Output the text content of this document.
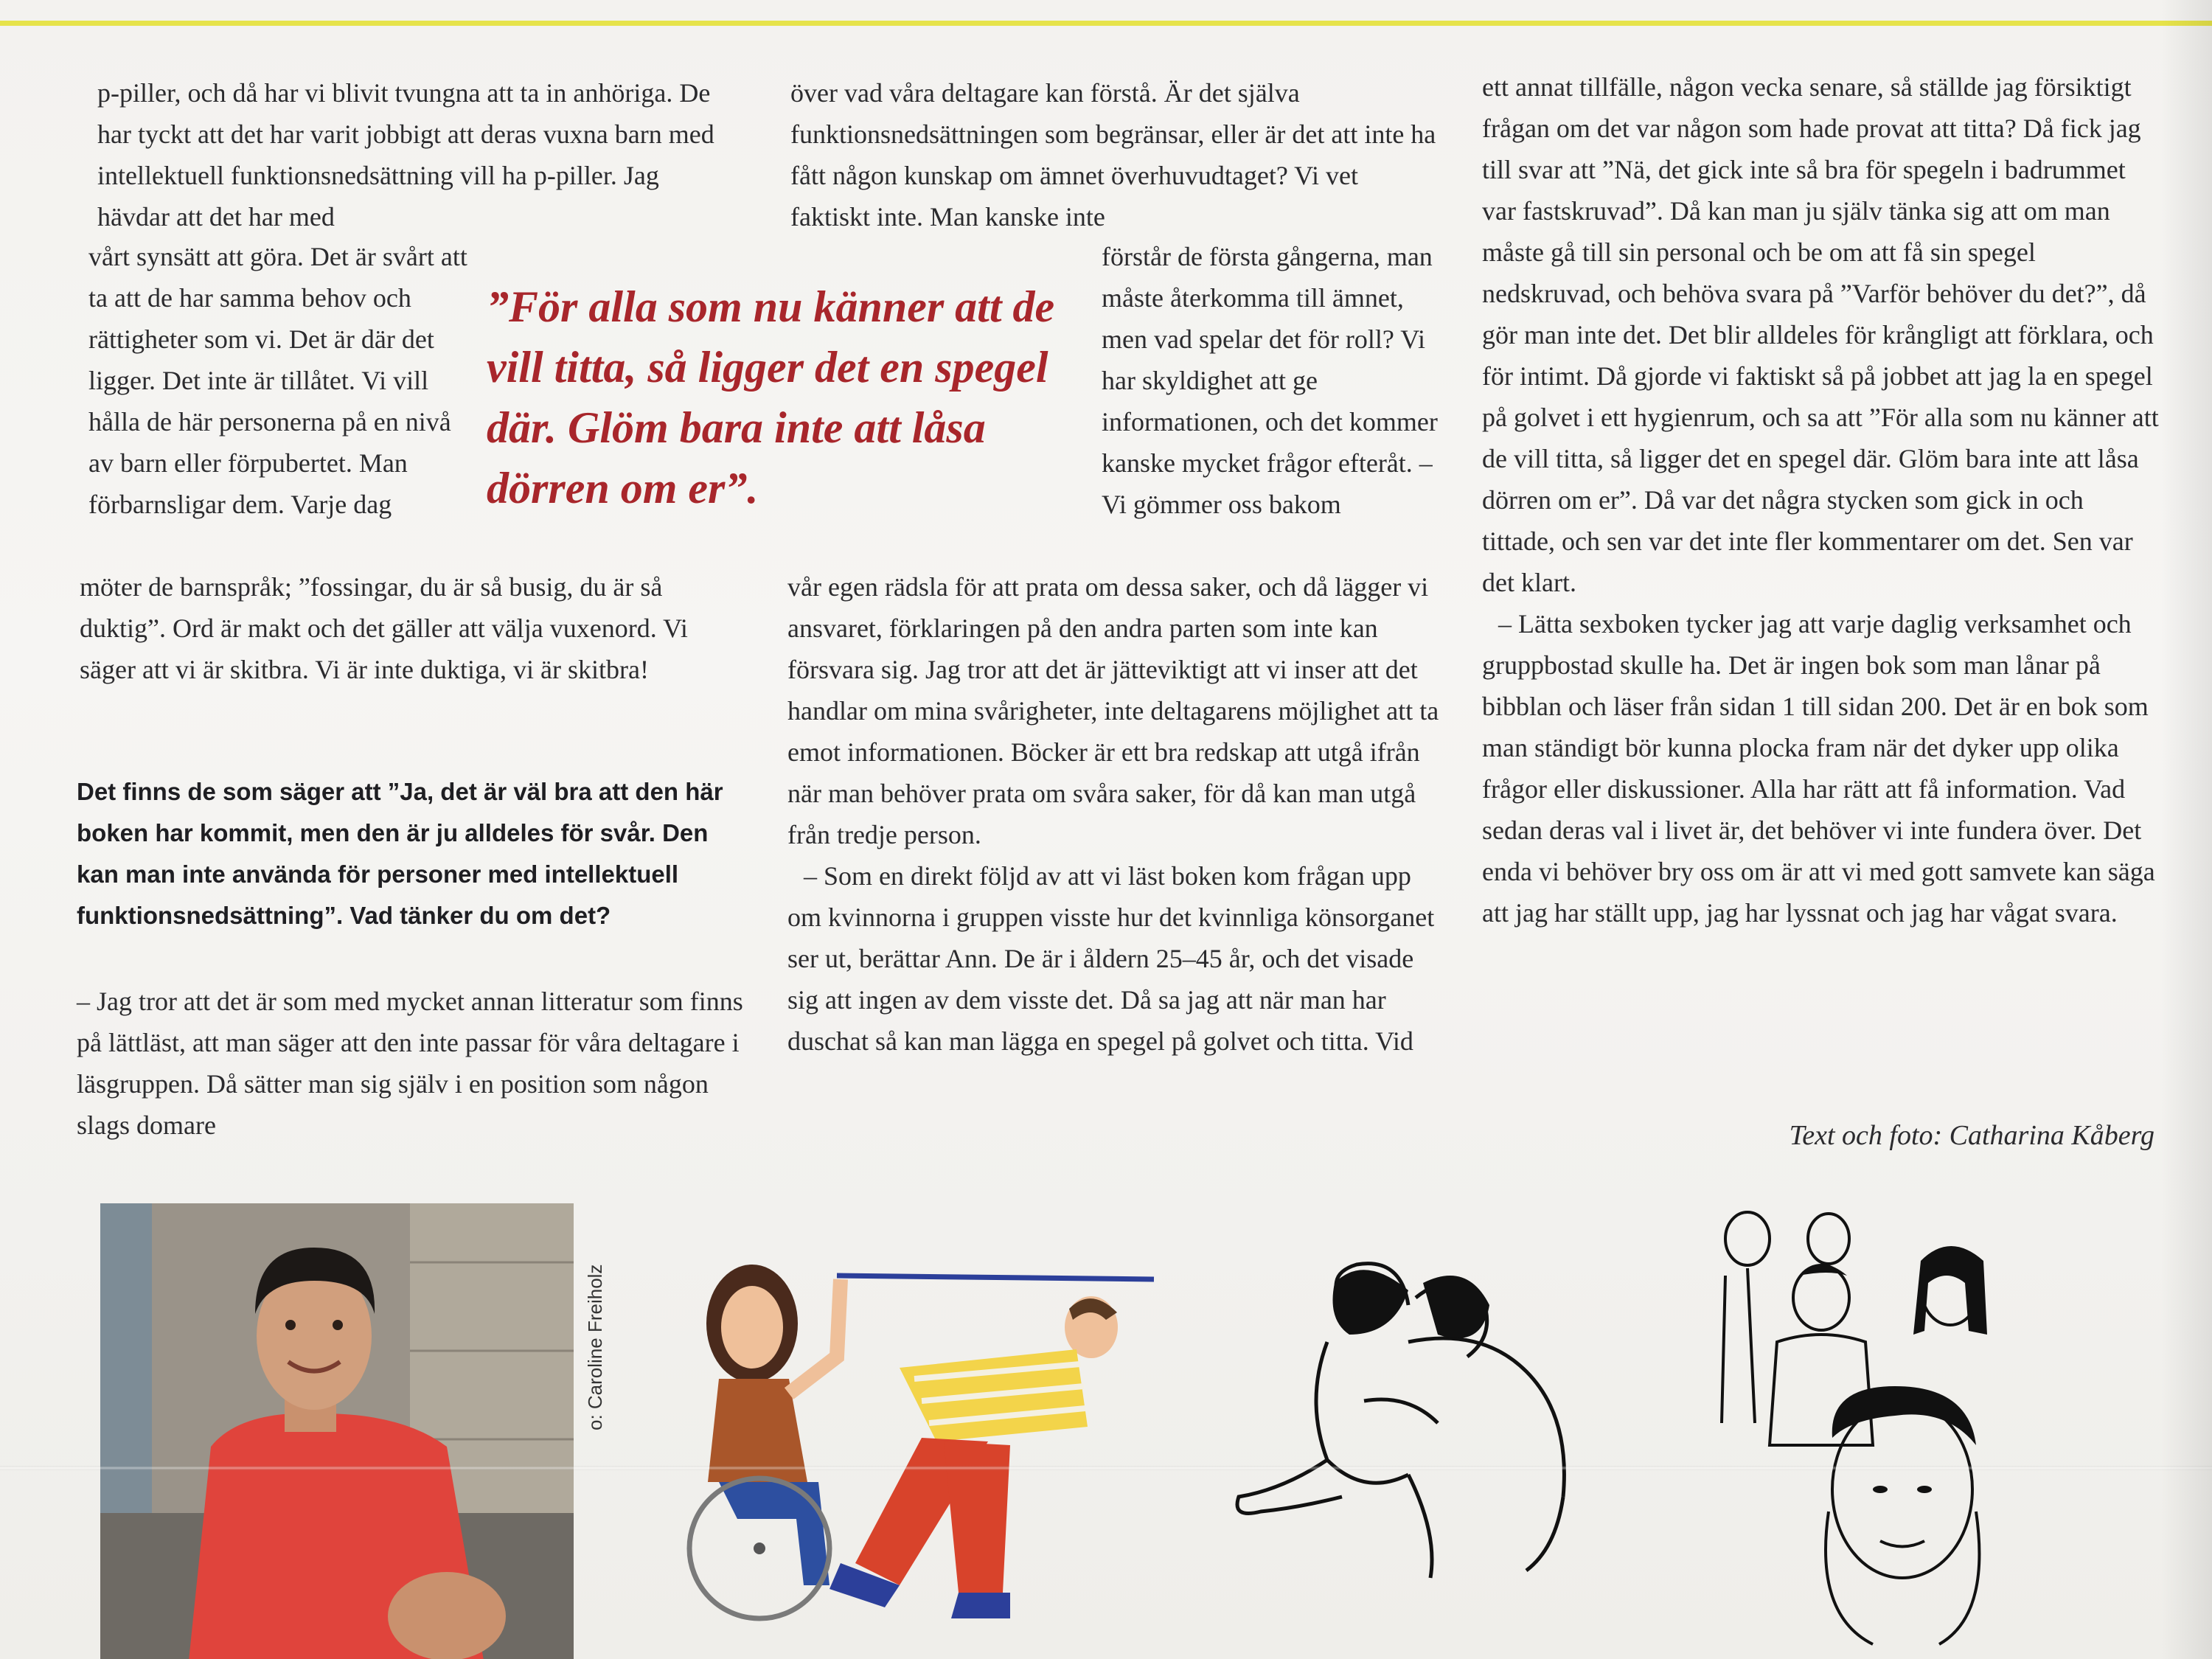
p-piller, och då har vi blivit tvungna att ta in anhöriga. De har tyckt att det har varit jobbigt att deras vuxna barn med intellektuell funktionsnedsättning vill ha p-piller. Jag hävdar att det har med

vårt synsätt att göra. Det är svårt att ta att de har samma behov och rättigheter som vi. Det är där det ligger. Det inte är tillåtet. Vi vill hålla de här personerna på en nivå av barn eller förpubertet. Man förbarnsligar dem. Varje dag

möter de barnspråk; ”fossingar, du är så busig, du är så duktig”. Ord är makt och det gäller att välja vuxenord. Vi säger att vi är skitbra. Vi är inte duktiga, vi är skitbra!

Det finns de som säger att ”Ja, det är väl bra att den här boken har kommit, men den är ju alldeles för svår. Den kan man inte använda för personer med intellektuell funktionsnedsättning”. Vad tänker du om det?

– Jag tror att det är som med mycket annan litteratur som finns på lättläst, att man säger att den inte passar för våra deltagare i läsgruppen. Då sätter man sig själv i en position som någon slags domare

över vad våra deltagare kan förstå. Är det själva funktionsnedsättningen som begränsar, eller är det att inte ha fått någon kunskap om ämnet överhuvudtaget? Vi vet faktiskt inte. Man kanske inte

förstår de första gångerna, man måste återkomma till ämnet, men vad spelar det för roll? Vi har skyldighet att ge informationen, och det kommer kanske mycket frågor efteråt. – Vi gömmer oss bakom

vår egen rädsla för att prata om dessa saker, och då lägger vi ansvaret, förklaringen på den andra parten som inte kan försvara sig. Jag tror att det är jätteviktigt att vi inser att det handlar om mina svårigheter, inte deltagarens möjlighet att ta emot informationen. Böcker är ett bra redskap att utgå ifrån när man behöver prata om svåra saker, för då kan man utgå från tredje person.

– Som en direkt följd av att vi läst boken kom frågan upp om kvinnorna i gruppen visste hur det kvinnliga könsorganet ser ut, berättar Ann. De är i åldern 25–45 år, och det visade sig att ingen av dem visste det. Då sa jag att när man har duschat så kan man lägga en spegel på golvet och titta. Vid

ett annat tillfälle, någon vecka senare, så ställde jag försiktigt frågan om det var någon som hade provat att titta? Då fick jag till svar att ”Nä, det gick inte så bra för spegeln i badrummet var fastskruvad”. Då kan man ju själv tänka sig att om man måste gå till sin personal och be om att få sin spegel nedskruvad, och behöva svara på ”Varför behöver du det?”, då gör man inte det. Det blir alldeles för krångligt att förklara, och för intimt. Då gjorde vi faktiskt så på jobbet att jag la en spegel på golvet i ett hygienrum, och sa att ”För alla som nu känner att de vill titta, så ligger det en spegel där. Glöm bara inte att låsa dörren om er”. Då var det några stycken som gick in och tittade, och sen var det inte fler kommentarer om det. Sen var det klart.

– Lätta sexboken tycker jag att varje daglig verksamhet och gruppbostad skulle ha. Det är ingen bok som man lånar på bibblan och läser från sidan 1 till sidan 200. Det är en bok som man ständigt bör kunna plocka fram när det dyker upp olika frågor eller diskussioner. Alla har rätt att få information. Vad sedan deras val i livet är, det behöver vi inte fundera över. Det enda vi behöver bry oss om är att vi med gott samvete kan säga att jag har ställt upp, jag har lyssnat och jag har vågat svara.

Text och foto: Catharina Kåberg
”För alla som nu känner att de vill titta, så ligger det en spegel där. Glöm bara inte att låsa dörren om er”.
o: Caroline Freiholz
